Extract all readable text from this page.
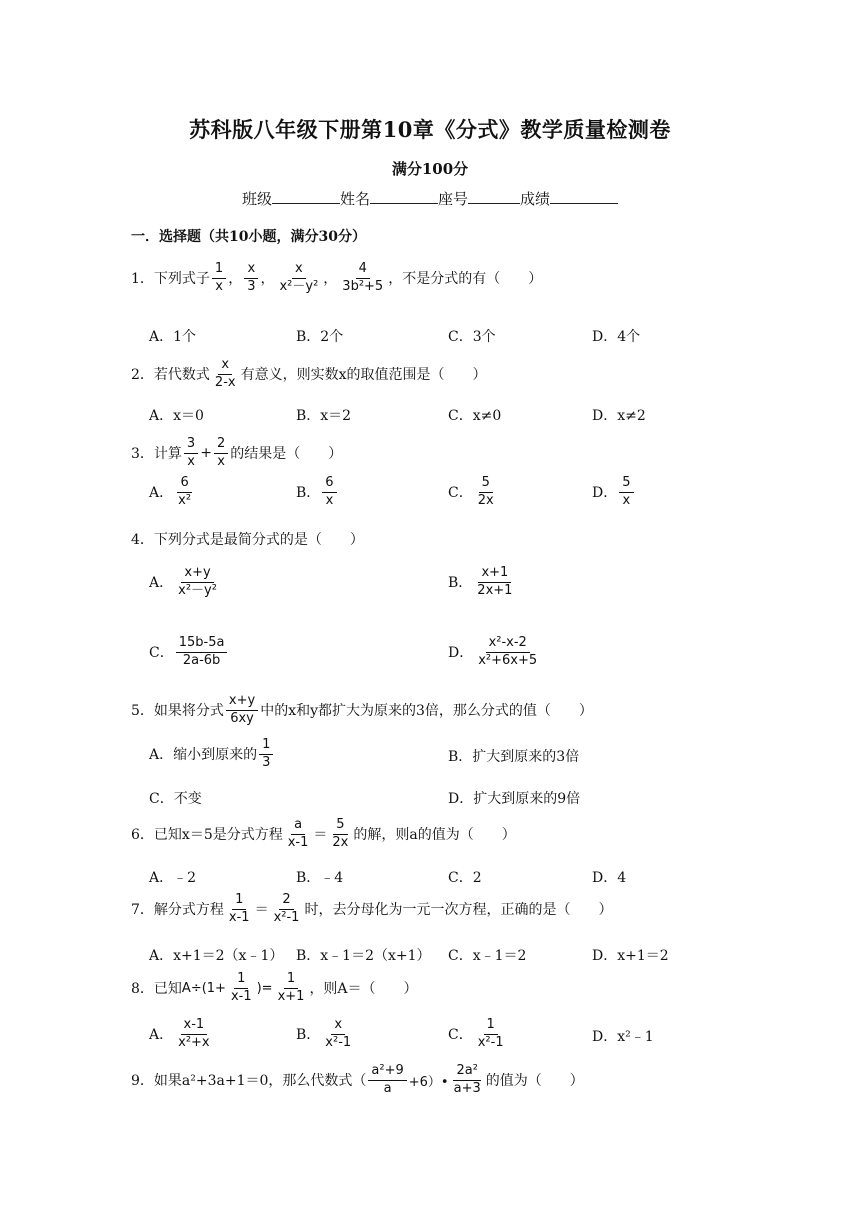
苏科版八年级下册第10章《分式》教学质量检测卷
满分100分
班级	姓名	座号	成绩
一．选择题（共10小题，满分30分）
1． 下列式子 $\frac{1}{x}$ ， $\frac{x}{3}$ ， $\frac{x}{\text{x²－y²}}$ ， $\frac{4}{\text{3b²+5}}$ ，不是分式的有（　　）
A．1个	B．2个	C．3个	D．4个
2． 若代数式 $\frac{x}{2-x}$ 有意义，则实数x的取值范围是（　　）
A．x＝0	B．x＝2	C．x≠0	D．x≠2
3． 计算 $\frac{3}{x} + \frac{2}{x}$ 的结果是（　　）
A． $\frac{6}{\text{x²}}$	B． $\frac{6}{x}$	C． $\frac{5}{2x}$	D． $\frac{5}{x}$
4． 下列分式是最简分式的是（　　）
A． $\frac{x+y}{\text{x²－y²}}$	B． $\frac{x+1}{2x+1}$
C． $\frac{15b-5a}{2a-6b}$	D． $\frac{\text{x²-x-2}}{\text{x²+6x+5}}$
5． 如果将分式 $\frac{x+y}{6xy}$ 中的x和y都扩大为原来的3倍，那么分式的值（　　）
A．缩小到原来的 $\frac{1}{3}$	B．扩大到原来的3倍
C．不变	D．扩大到原来的9倍
6． 已知x＝5是分式方程 $\frac{a}{x-1} = \frac{5}{2x}$ 的解，则a的值为（　　）
A．﹣2	B．﹣4	C．2	D．4
7． 解分式方程 $\frac{1}{x-1} = \frac{2}{\text{x²-1}}$ 时，去分母化为一元一次方程，正确的是（　　）
A．x+1＝2（x﹣1） B．x﹣1＝2（x+1） C．x﹣1＝2	D．x+1＝2
8． 已知 $A\div(1+ \frac{1}{x-1}$ )= $\frac{1}{x+1}$ ，则A＝（　　）
A． $\frac{x-1}{\text{x²+x}}$	B． $\frac{x}{\text{x²-1}}$	C． $\frac{1}{\text{x²-1}}$	D．x²﹣1
9． 如果a²+3a+1＝0，那么代数式（ $\frac{\text{a²+9}}{a}$ +6）• $\frac{\text{2a²}}{a+3}$ 的值为（　　）
